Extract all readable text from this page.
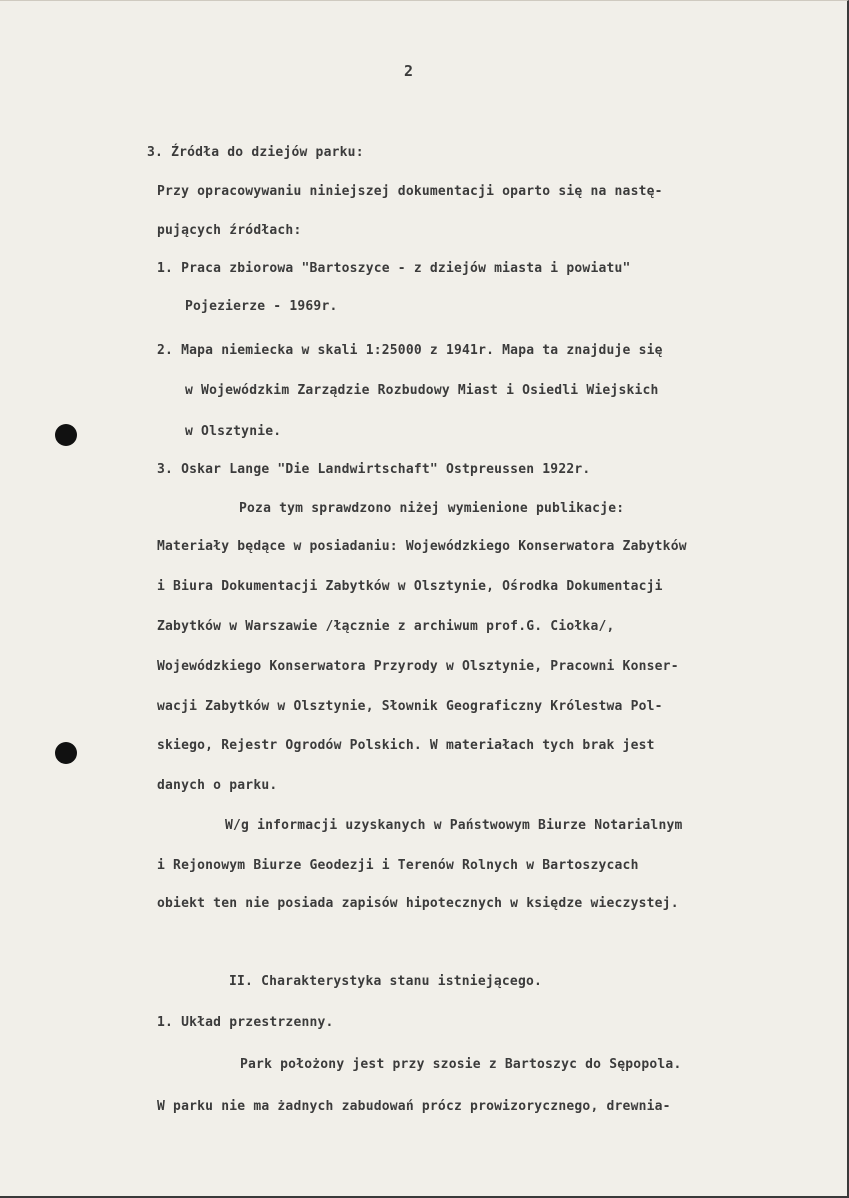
2
3. Źródła do dziejów parku:
Przy opracowywaniu niniejszej dokumentacji oparto się na nastę-
pujących źródłach:
1. Praca zbiorowa "Bartoszyce - z dziejów miasta i powiatu"
Pojezierze - 1969r.
2. Mapa niemiecka w skali 1:25000 z 1941r. Mapa ta znajduje się
w Wojewódzkim Zarządzie Rozbudowy Miast i Osiedli Wiejskich
w Olsztynie.
3. Oskar Lange "Die Landwirtschaft" Ostpreussen 1922r.
Poza tym sprawdzono niżej wymienione publikacje:
Materiały będące w posiadaniu: Wojewódzkiego Konserwatora Zabytków
i Biura Dokumentacji Zabytków w Olsztynie, Ośrodka Dokumentacji
Zabytków w Warszawie /łącznie z archiwum prof.G. Ciołka/,
Wojewódzkiego Konserwatora Przyrody w Olsztynie, Pracowni Konser-
wacji Zabytków w Olsztynie, Słownik Geograficzny Królestwa Pol-
skiego, Rejestr Ogrodów Polskich. W materiałach tych brak jest
danych o parku.
W/g informacji uzyskanych w Państwowym Biurze Notarialnym
i Rejonowym Biurze Geodezji i Terenów Rolnych w Bartoszycach
obiekt ten nie posiada zapisów hipotecznych w księdze wieczystej.
II. Charakterystyka stanu istniejącego.
1. Układ przestrzenny.
Park położony jest przy szosie z Bartoszyc do Sępopola.
W parku nie ma żadnych zabudowań prócz prowizorycznego, drewnia-
